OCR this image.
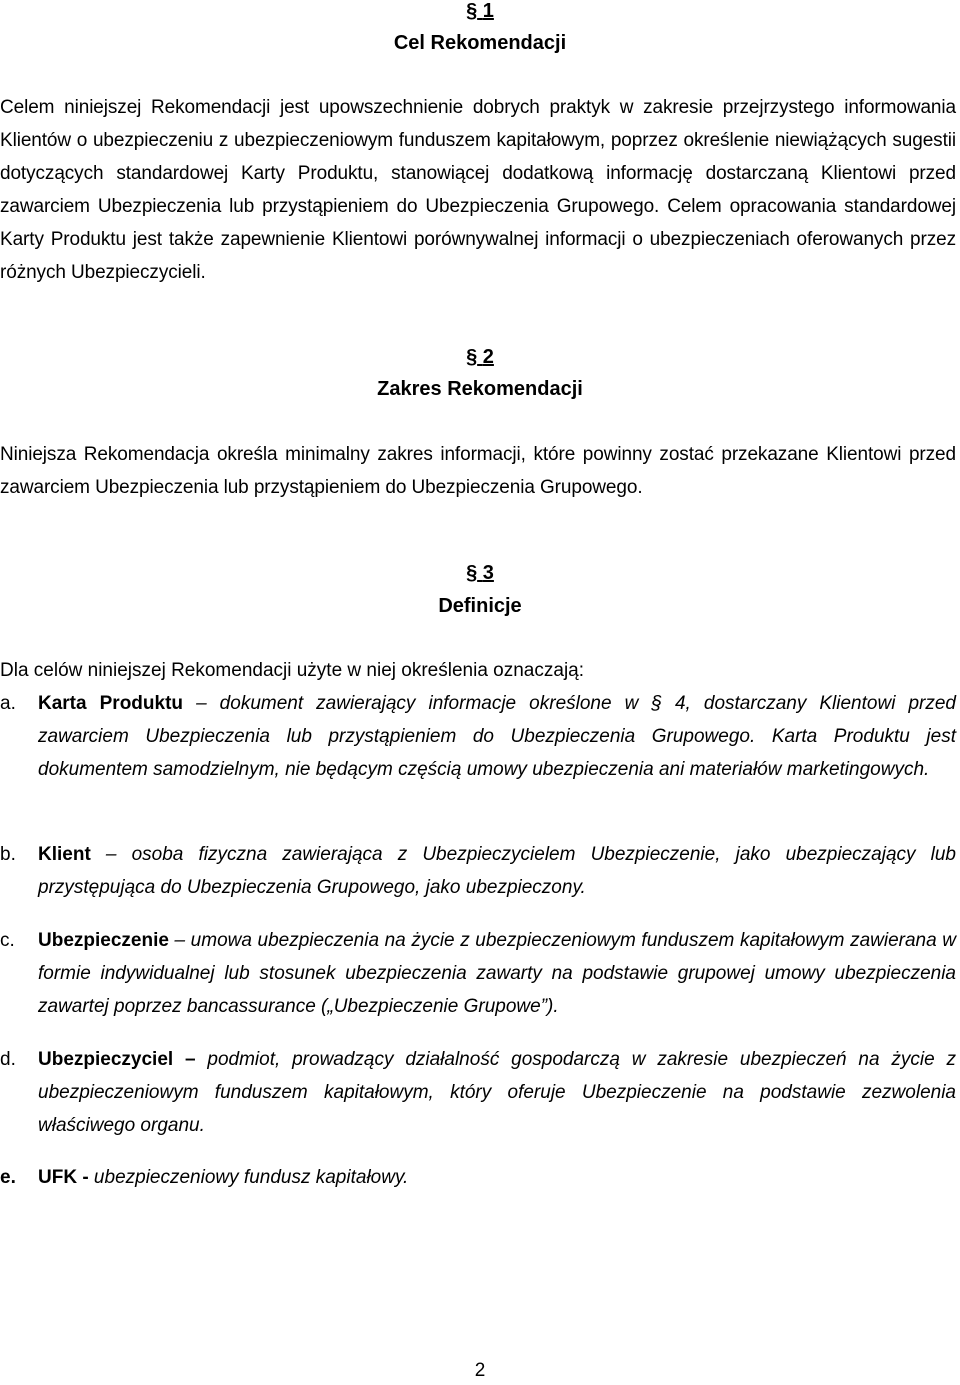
§ 1
Cel Rekomendacji
Celem niniejszej Rekomendacji jest upowszechnienie dobrych praktyk w zakresie przejrzystego informowania Klientów o ubezpieczeniu z ubezpieczeniowym funduszem kapitałowym, poprzez określenie niewiążących sugestii dotyczących standardowej Karty Produktu, stanowiącej dodatkową informację dostarczaną Klientowi przed zawarciem Ubezpieczenia lub przystąpieniem do Ubezpieczenia Grupowego. Celem opracowania standardowej Karty Produktu jest także zapewnienie Klientowi porównywalnej informacji o ubezpieczeniach oferowanych przez różnych Ubezpieczycieli.
§ 2
Zakres Rekomendacji
Niniejsza Rekomendacja określa minimalny zakres informacji, które powinny zostać przekazane Klientowi przed zawarciem Ubezpieczenia lub przystąpieniem do Ubezpieczenia Grupowego.
§ 3
Definicje
Dla celów niniejszej Rekomendacji użyte w niej określenia oznaczają:
a.	Karta Produktu – dokument zawierający informacje określone w § 4, dostarczany Klientowi przed zawarciem Ubezpieczenia lub przystąpieniem do Ubezpieczenia Grupowego. Karta Produktu jest dokumentem samodzielnym, nie będącym częścią umowy ubezpieczenia ani materiałów marketingowych.
b.	Klient – osoba fizyczna zawierająca z Ubezpieczycielem Ubezpieczenie, jako ubezpieczający lub przystępująca do Ubezpieczenia Grupowego, jako ubezpieczony.
c.	Ubezpieczenie – umowa ubezpieczenia na życie z ubezpieczeniowym funduszem kapitałowym zawierana w formie indywidualnej lub stosunek ubezpieczenia zawarty na podstawie grupowej umowy ubezpieczenia zawartej poprzez bancassurance („Ubezpieczenie Grupowe”).
d.	Ubezpieczyciel – podmiot, prowadzący działalność gospodarczą w zakresie ubezpieczeń na życie z ubezpieczeniowym funduszem kapitałowym, który oferuje Ubezpieczenie na podstawie zezwolenia właściwego organu.
e.	UFK - ubezpieczeniowy fundusz kapitałowy.
2
